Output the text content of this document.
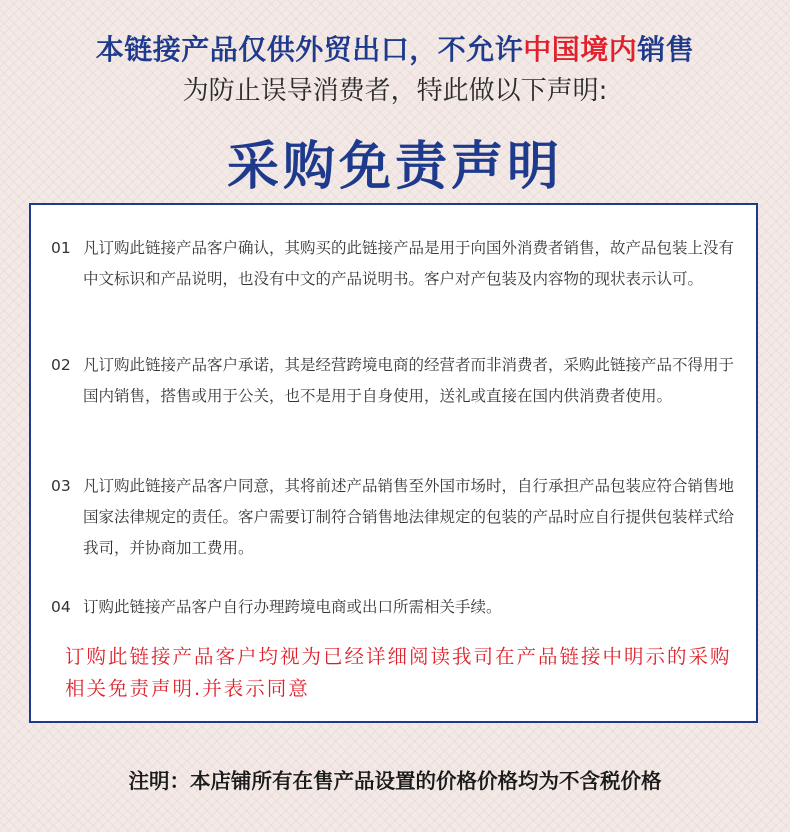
本链接产品仅供外贸出口，不允许中国境内销售
为防止误导消费者，特此做以下声明:
采购免责声明
01 凡订购此链接产品客户确认，其购买的此链接产品是用于向国外消费者销售，故产品包装上没有中文标识和产品说明，也没有中文的产品说明书。客户对产包装及内容物的现状表示认可。
02 凡订购此链接产品客户承诺，其是经营跨境电商的经营者而非消费者，采购此链接产品不得用于国内销售，搭售或用于公关，也不是用于自身使用，送礼或直接在国内供消费者使用。
03 凡订购此链接产品客户同意，其将前述产品销售至外国市场时，自行承担产品包装应符合销售地国家法律规定的责任。客户需要订制符合销售地法律规定的包装的产品时应自行提供包装样式给我司，并协商加工费用。
04 订购此链接产品客户自行办理跨境电商或出口所需相关手续。
订购此链接产品客户均视为已经详细阅读我司在产品链接中明示的采购相关免责声明.并表示同意
注明：本店铺所有在售产品设置的价格价格均为不含税价格
